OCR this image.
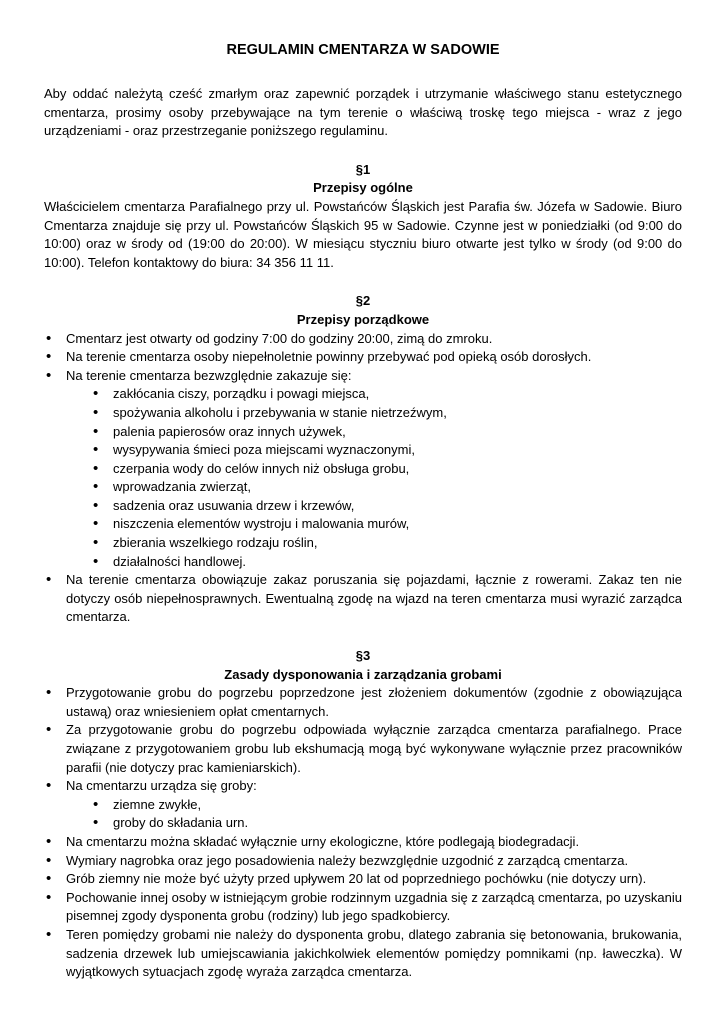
REGULAMIN CMENTARZA W SADOWIE

Aby oddać należytą cześć zmarłym oraz zapewnić porządek i utrzymanie właściwego stanu estetycznego cmentarza, prosimy osoby przebywające na tym terenie o właściwą troskę tego miejsca - wraz z jego urządzeniami - oraz przestrzeganie poniższego regulaminu.

§1

Przepisy ogólne

Właścicielem cmentarza Parafialnego przy ul. Powstańców Śląskich jest Parafia św. Józefa w Sadowie. Biuro Cmentarza znajduje się przy ul. Powstańców Śląskich 95 w Sadowie. Czynne jest w poniedziałki (od 9:00 do 10:00) oraz w środy od (19:00 do 20:00). W miesiącu styczniu biuro otwarte jest tylko w środy (od 9:00 do 10:00). Telefon kontaktowy do biura: 34 356 11 11.

§2

Przepisy porządkowe

• Cmentarz jest otwarty od godziny 7:00 do godziny 20:00, zimą do zmroku.
• Na terenie cmentarza osoby niepełnoletnie powinny przebywać pod opieką osób dorosłych.
• Na terenie cmentarza bezwzględnie zakazuje się:
• zakłócania ciszy, porządku i powagi miejsca,
• spożywania alkoholu i przebywania w stanie nietrzeźwym,
• palenia papierosów oraz innych używek,
• wysypywania śmieci poza miejscami wyznaczonymi,
• czerpania wody do celów innych niż obsługa grobu,
• wprowadzania zwierząt,
• sadzenia oraz usuwania drzew i krzewów,
• niszczenia elementów wystroju i malowania murów,
• zbierania wszelkiego rodzaju roślin,
• działalności handlowej.
• Na terenie cmentarza obowiązuje zakaz poruszania się pojazdami, łącznie z rowerami. Zakaz ten nie dotyczy osób niepełnosprawnych. Ewentualną zgodę na wjazd na teren cmentarza musi wyrazić zarządca cmentarza.

§3

Zasady dysponowania i zarządzania grobami

• Przygotowanie grobu do pogrzebu poprzedzone jest złożeniem dokumentów (zgodnie z obowiązująca ustawą) oraz wniesieniem opłat cmentarnych.
• Za przygotowanie grobu do pogrzebu odpowiada wyłącznie zarządca cmentarza parafialnego. Prace związane z przygotowaniem grobu lub ekshumacją mogą być wykonywane wyłącznie przez pracowników parafii (nie dotyczy prac kamieniarskich).
• Na cmentarzu urządza się groby:
• ziemne zwykłe,
• groby do składania urn.
• Na cmentarzu można składać wyłącznie urny ekologiczne, które podlegają biodegradacji.
• Wymiary nagrobka oraz jego posadowienia należy bezwzględnie uzgodnić z zarządcą cmentarza.
• Grób ziemny nie może być użyty przed upływem 20 lat od poprzedniego pochówku (nie dotyczy urn).
• Pochowanie innej osoby w istniejącym grobie rodzinnym uzgadnia się z zarządcą cmentarza, po uzyskaniu pisemnej zgody dysponenta grobu (rodziny) lub jego spadkobiercy.
• Teren pomiędzy grobami nie należy do dysponenta grobu, dlatego zabrania się betonowania, brukowania, sadzenia drzewek lub umiejscawiania jakichkolwiek elementów pomiędzy pomnikami (np. ławeczka). W wyjątkowych sytuacjach zgodę wyraża zarządca cmentarza.
